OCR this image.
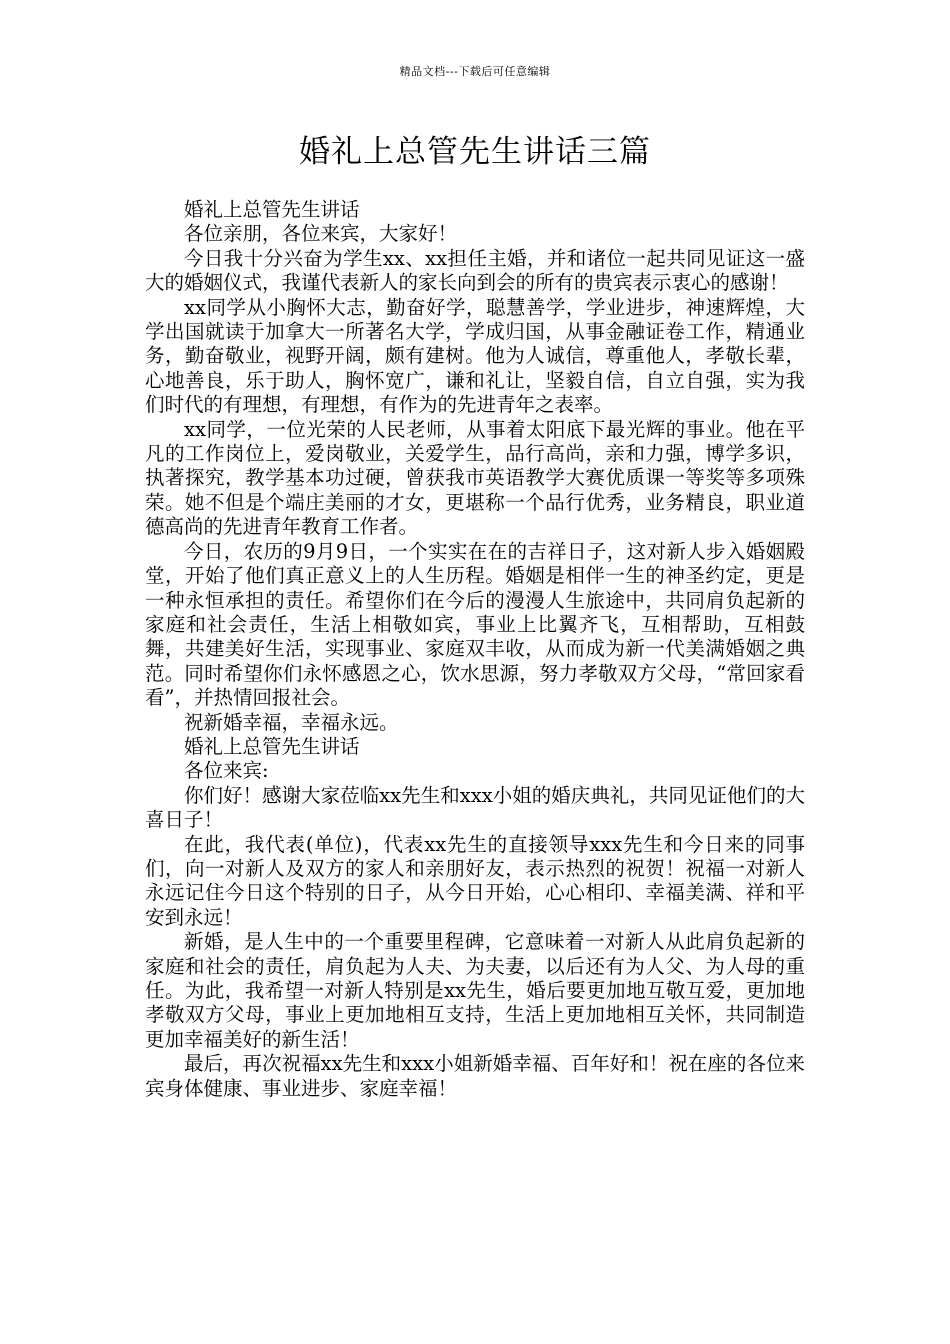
精品文档---下载后可任意编辑
婚礼上总管先生讲话三篇

婚礼上总管先生讲话

各位亲朋，各位来宾，大家好！

今日我十分兴奋为学生xx、xx担任主婚，并和诸位一起共同见证这一盛大的婚姻仪式，我谨代表新人的家长向到会的所有的贵宾表示衷心的感谢！

xx同学从小胸怀大志，勤奋好学，聪慧善学，学业进步，神速辉煌，大学出国就读于加拿大一所著名大学，学成归国，从事金融证卷工作，精通业务，勤奋敬业，视野开阔，颇有建树。他为人诚信，尊重他人，孝敬长辈，心地善良，乐于助人，胸怀宽广，谦和礼让，坚毅自信，自立自强，实为我们时代的有理想，有理想，有作为的先进青年之表率。

xx同学，一位光荣的人民老师，从事着太阳底下最光辉的事业。他在平凡的工作岗位上，爱岗敬业，关爱学生，品行高尚，亲和力强，博学多识，执著探究，教学基本功过硬，曾获我市英语教学大赛优质课一等奖等多项殊荣。她不但是个端庄美丽的才女，更堪称一个品行优秀，业务精良，职业道德高尚的先进青年教育工作者。

今日，农历的9月9日，一个实实在在的吉祥日子，这对新人步入婚姻殿堂，开始了他们真正意义上的人生历程。婚姻是相伴一生的神圣约定，更是一种永恒承担的责任。希望你们在今后的漫漫人生旅途中，共同肩负起新的家庭和社会责任，生活上相敬如宾，事业上比翼齐飞，互相帮助，互相鼓舞，共建美好生活，实现事业、家庭双丰收，从而成为新一代美满婚姻之典范。同时希望你们永怀感恩之心，饮水思源，努力孝敬双方父母，“常回家看看”，并热情回报社会。

祝新婚幸福，幸福永远。

婚礼上总管先生讲话

各位来宾:

你们好！感谢大家莅临xx先生和xxx小姐的婚庆典礼，共同见证他们的大喜日子！

在此，我代表(单位)，代表xx先生的直接领导xxx先生和今日来的同事们，向一对新人及双方的家人和亲朋好友，表示热烈的祝贺！祝福一对新人永远记住今日这个特别的日子，从今日开始，心心相印、幸福美满、祥和平安到永远！

新婚，是人生中的一个重要里程碑，它意味着一对新人从此肩负起新的家庭和社会的责任，肩负起为人夫、为夫妻，以后还有为人父、为人母的重任。为此，我希望一对新人特别是xx先生，婚后要更加地互敬互爱，更加地孝敬双方父母，事业上更加地相互支持，生活上更加地相互关怀，共同制造更加幸福美好的新生活！

最后，再次祝福xx先生和xxx小姐新婚幸福、百年好和！祝在座的各位来宾身体健康、事业进步、家庭幸福！
